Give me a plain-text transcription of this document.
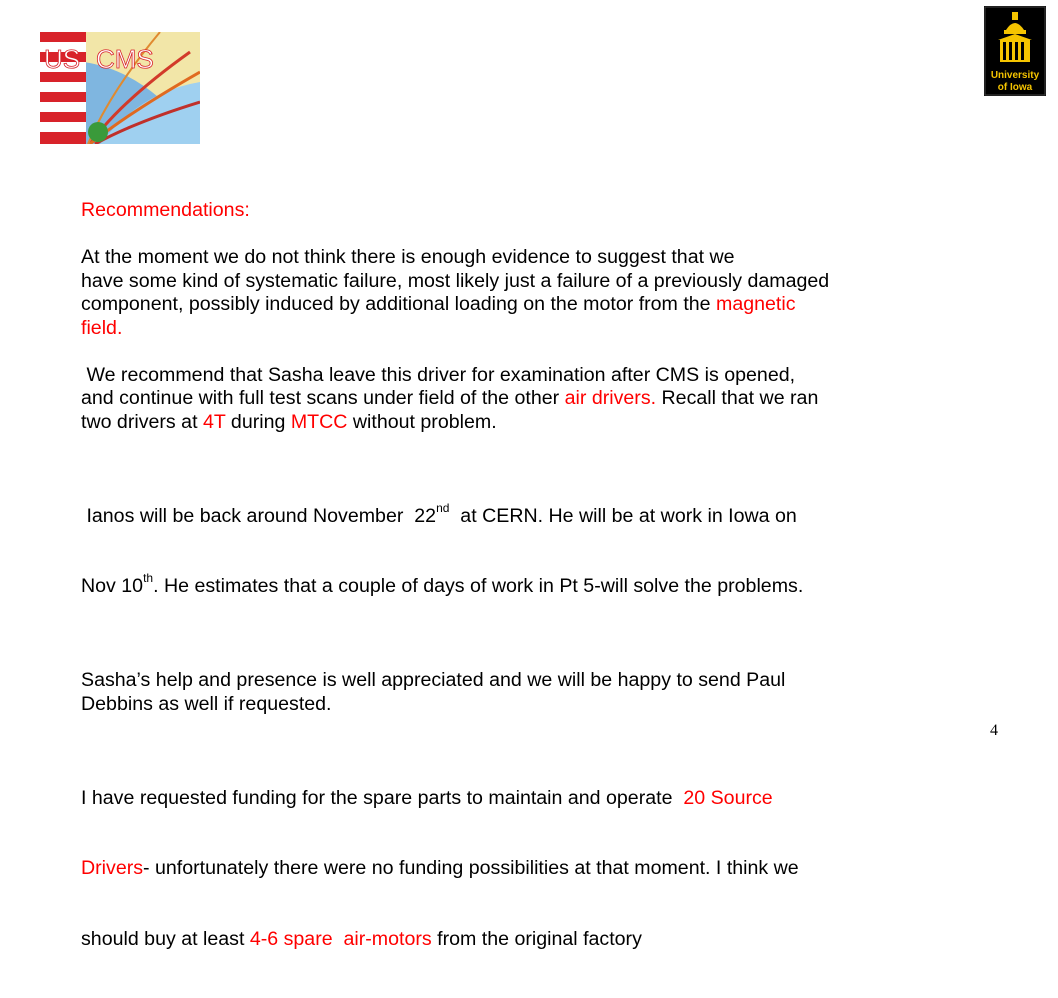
US CMS
University
of Iowa

Recommendations:

At the moment we do not think there is enough evidence to suggest that we

have some kind of systematic failure, most likely just a failure of a previously damaged

component, possibly induced by additional loading on the motor from the magnetic

field.

We recommend that Sasha leave this driver for examination after CMS is opened,

and continue with full test scans under field of the other air drivers. Recall that we ran

two drivers at 4T during MTCC without problem.

Ianos will be back around November  22nd  at CERN. He will be at work in Iowa on

Nov 10th. He estimates that a couple of days of work in Pt 5-will solve the problems.

Sasha’s help and presence is well appreciated and we will be happy to send Paul

Debbins as well if requested.

I have requested funding for the spare parts to maintain and operate  20 Source

Drivers- unfortunately there were no funding possibilities at that moment. I think we

should buy at least 4-6 spare  air-motors from the original factory

4
